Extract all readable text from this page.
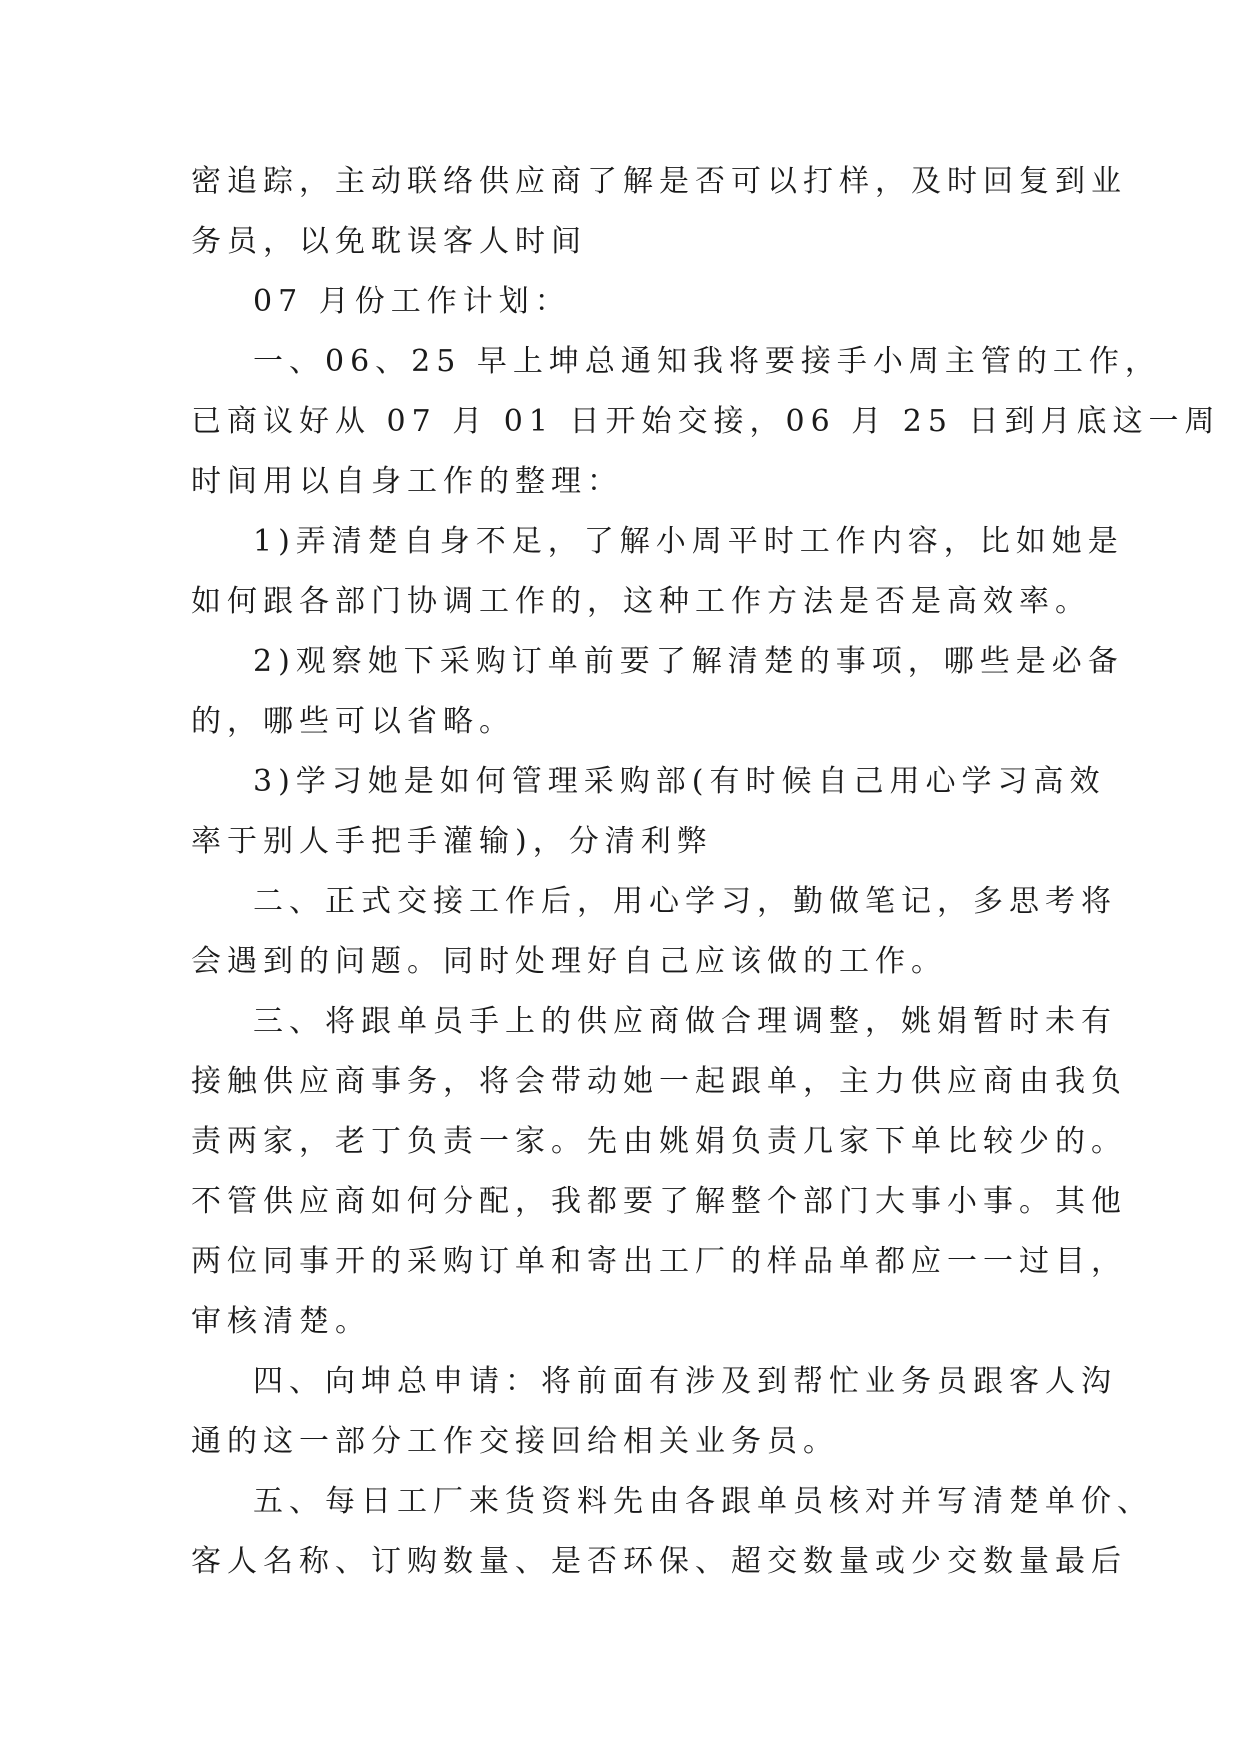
密追踪，主动联络供应商了解是否可以打样，及时回复到业

务员，以免耽误客人时间

07 月份工作计划：

一、06、25 早上坤总通知我将要接手小周主管的工作，

已商议好从 07 月 01 日开始交接，06 月 25 日到月底这一周

时间用以自身工作的整理：

1)弄清楚自身不足，了解小周平时工作内容，比如她是

如何跟各部门协调工作的，这种工作方法是否是高效率。

2)观察她下采购订单前要了解清楚的事项，哪些是必备

的，哪些可以省略。

3)学习她是如何管理采购部(有时候自己用心学习高效

率于别人手把手灌输)，分清利弊

二、正式交接工作后，用心学习，勤做笔记，多思考将

会遇到的问题。同时处理好自己应该做的工作。

三、将跟单员手上的供应商做合理调整，姚娟暂时未有

接触供应商事务，将会带动她一起跟单，主力供应商由我负

责两家，老丁负责一家。先由姚娟负责几家下单比较少的。

不管供应商如何分配，我都要了解整个部门大事小事。其他

两位同事开的采购订单和寄出工厂的样品单都应一一过目，

审核清楚。

四、向坤总申请：将前面有涉及到帮忙业务员跟客人沟

通的这一部分工作交接回给相关业务员。

五、每日工厂来货资料先由各跟单员核对并写清楚单价、

客人名称、订购数量、是否环保、超交数量或少交数量最后
